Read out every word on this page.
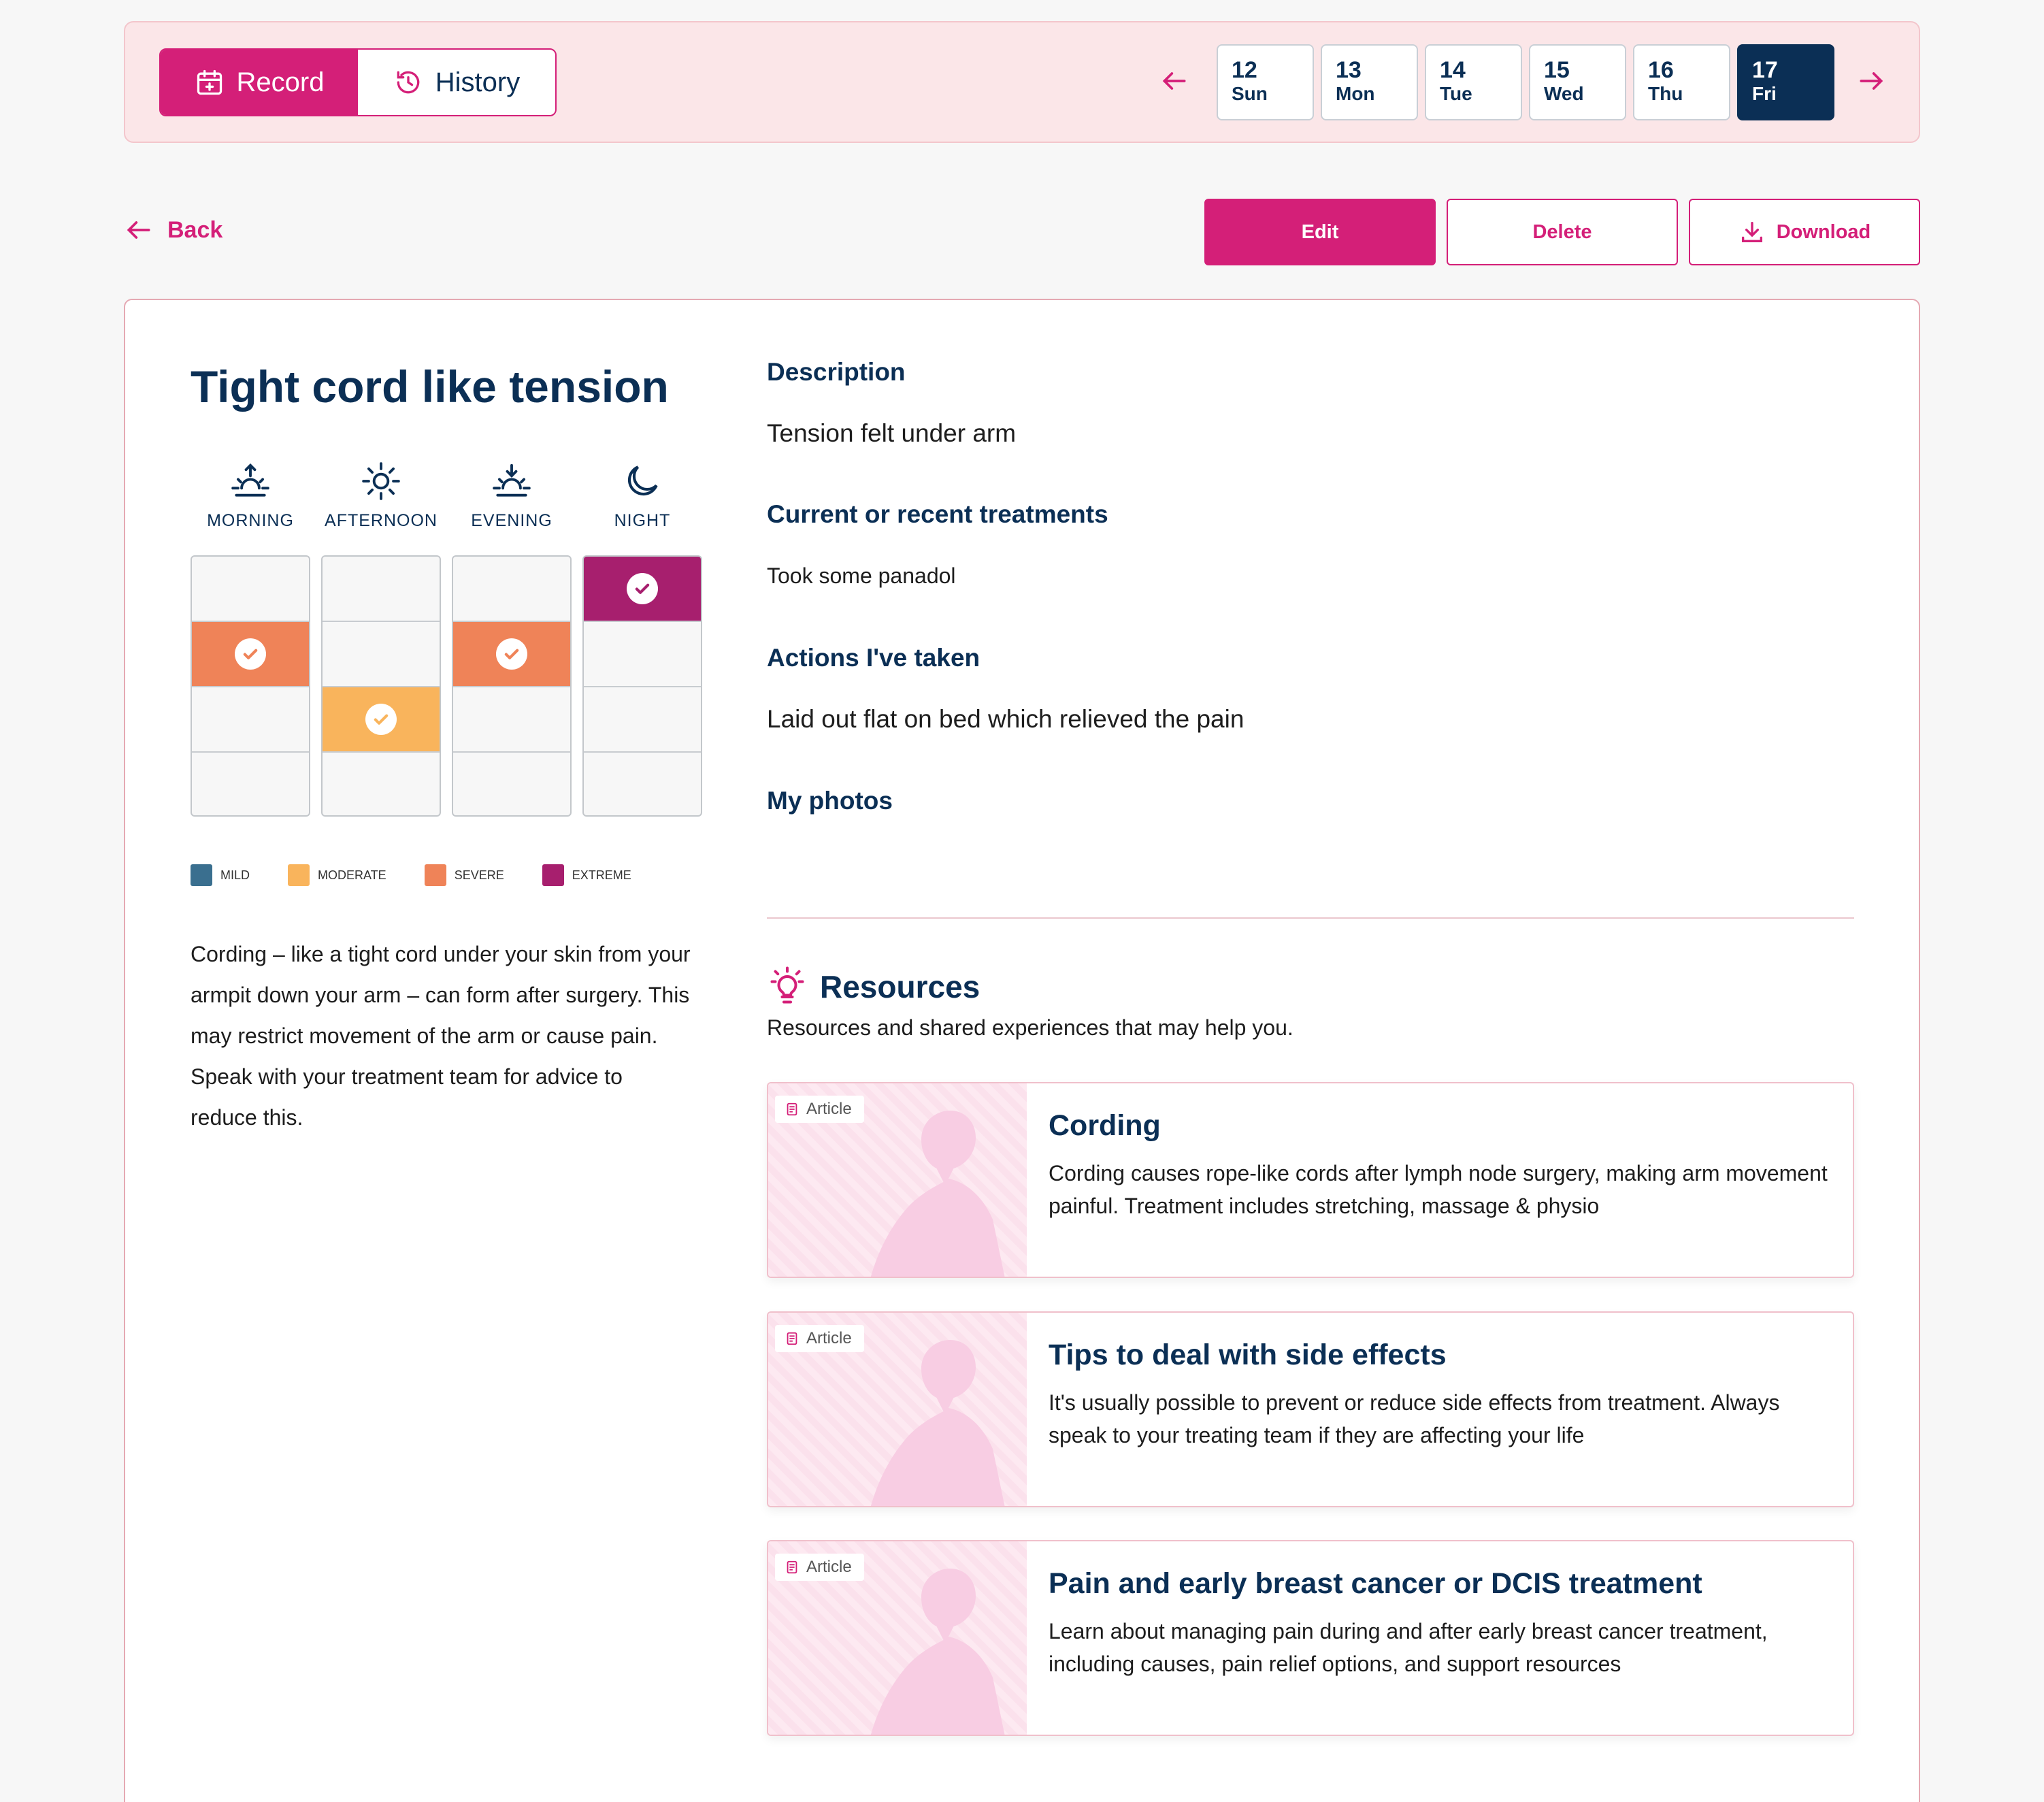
Record	History	12
Sun
13
Mon
14
Tue
15
Wed
16
Thu
17
Fri
Back	Edit	Delete	Download
Tight cord like tension
MORNING	AFTERNOON	EVENING	NIGHT
MILD	MODERATE	SEVERE	EXTREME

Cording – like a tight cord under your skin from your armpit down your arm – can form after surgery. This may restrict movement of the arm or cause pain. Speak with your treatment team for advice to reduce this.

Description
Tension felt under arm
Current or recent treatments
Took some panadol
Actions I've taken
Laid out flat on bed which relieved the pain
My photos
Resources
Resources and shared experiences that may help you.
Article
Cording
Cording causes rope-like cords after lymph node surgery, making arm movement painful. Treatment includes stretching, massage & physio
Article
Tips to deal with side effects
It's usually possible to prevent or reduce side effects from treatment. Always speak to your treating team if they are affecting your life
Article
Pain and early breast cancer or DCIS treatment
Learn about managing pain during and after early breast cancer treatment, including causes, pain relief options, and support resources
